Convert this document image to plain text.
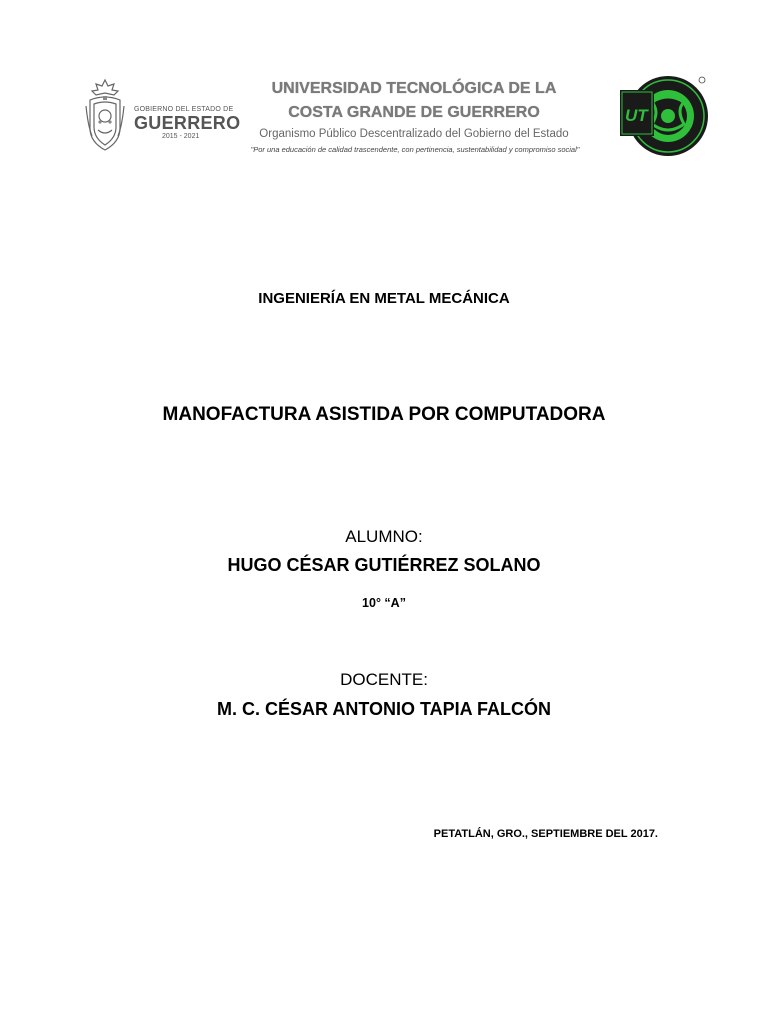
GOBIERNO DEL ESTADO DE
GUERRERO
2015 - 2021
UNIVERSIDAD TECNOLÓGICA DE LA
COSTA GRANDE DE GUERRERO
Organismo Público Descentralizado del Gobierno del Estado
"Por una educación de calidad trascendente, con pertinencia, sustentabilidad y compromiso social"
UT
INGENIERÍA EN METAL MECÁNICA
MANOFACTURA ASISTIDA POR COMPUTADORA
ALUMNO:
HUGO CÉSAR GUTIÉRREZ SOLANO
10° “A”
DOCENTE:
M. C. CÉSAR ANTONIO TAPIA FALCÓN
PETATLÁN, GRO., SEPTIEMBRE DEL 2017.
